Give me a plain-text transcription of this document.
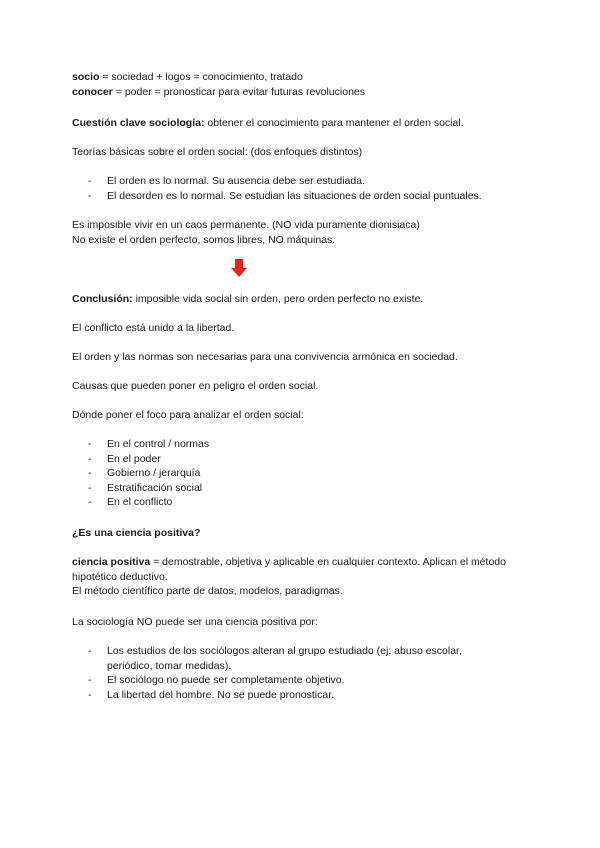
socio = sociedad + logos = conocimiento, tratado
conocer = poder = pronosticar para evitar futuras revoluciones

Cuestión clave sociología: obtener el conocimiento para mantener el orden social.

Teorías básicas sobre el orden social: (dos enfoques distintos)

- El orden es lo normal. Su ausencia debe ser estudiada.
- El desorden es lo normal. Se estudian las situaciones de orden social puntuales.

Es imposible vivir en un caos permanente. (NO vida puramente dionisiaca)
No existe el orden perfecto, somos libres, NO máquinas.

Conclusión: imposible vida social sin orden, pero orden perfecto no existe.

El conflicto está unido a la libertad.

El orden y las normas son necesarias para una convivencia armónica en sociedad.

Causas que pueden poner en peligro el orden social.

Dónde poner el foco para analizar el orden social:

- En el control / normas
- En el poder
- Gobierno / jerarquía
- Estratificación social
- En el conflicto

¿Es una ciencia positiva?

ciencia positiva = demostrable, objetiva y aplicable en cualquier contexto. Aplican el método hipotético deductivo.
El método científico parte de datos, modelos, paradigmas.

La sociología NO puede ser una ciencia positiva por:

- Los estudios de los sociólogos alteran al grupo estudiado (ej: abuso escolar, periódico, tomar medidas).
- El sociólogo no puede ser completamente objetivo.
- La libertad del hombre. No se puede pronosticar.
